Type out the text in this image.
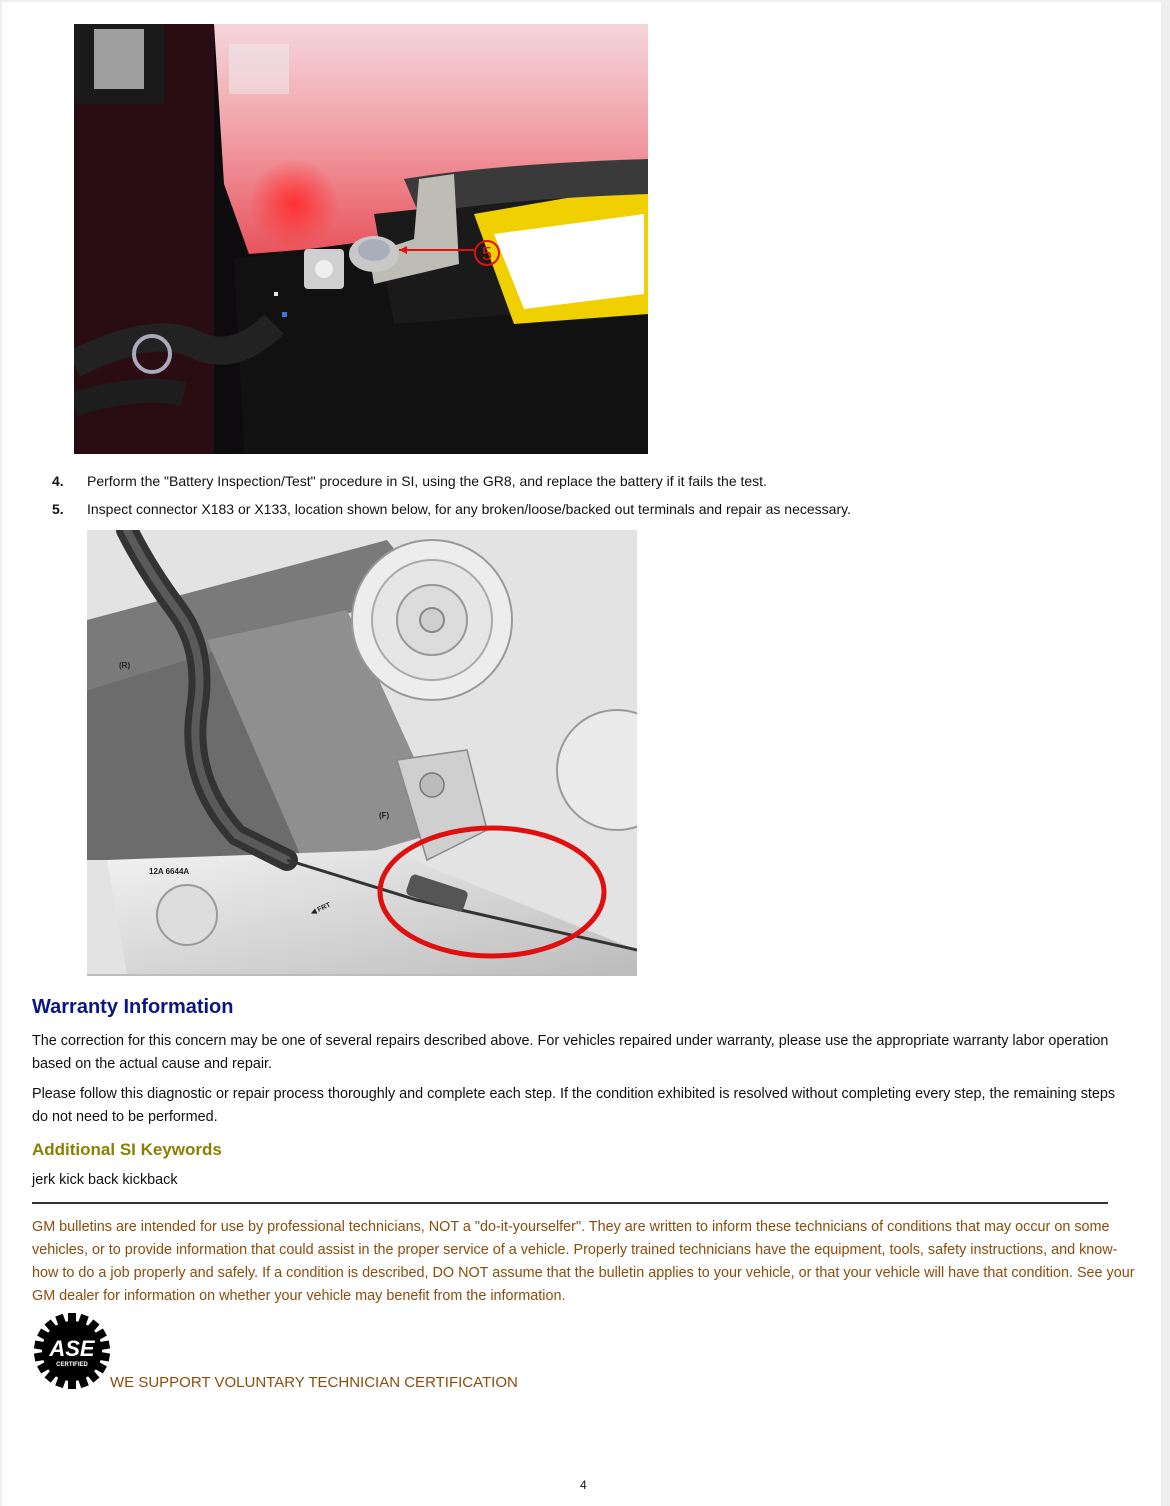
5
4. Perform the "Battery Inspection/Test" procedure in SI, using the GR8, and replace the battery if it fails the test.
5. Inspect connector X183 or X133, location shown below, for any broken/loose/backed out terminals and repair as necessary.
(R)
(F)
12A 6644A
◀ FRT
Warranty Information
The correction for this concern may be one of several repairs described above. For vehicles repaired under warranty, please use the appropriate warranty labor operation based on the actual cause and repair.
Please follow this diagnostic or repair process thoroughly and complete each step. If the condition exhibited is resolved without completing every step, the remaining steps do not need to be performed.
Additional SI Keywords
jerk kick back kickback
GM bulletins are intended for use by professional technicians, NOT a "do-it-yourselfer". They are written to inform these technicians of conditions that may occur on some vehicles, or to provide information that could assist in the proper service of a vehicle. Properly trained technicians have the equipment, tools, safety instructions, and know-how to do a job properly and safely. If a condition is described, DO NOT assume that the bulletin applies to your vehicle, or that your vehicle will have that condition. See your GM dealer for information on whether your vehicle may benefit from the information.
ASE
CERTIFIED
WE SUPPORT VOLUNTARY TECHNICIAN CERTIFICATION
4
